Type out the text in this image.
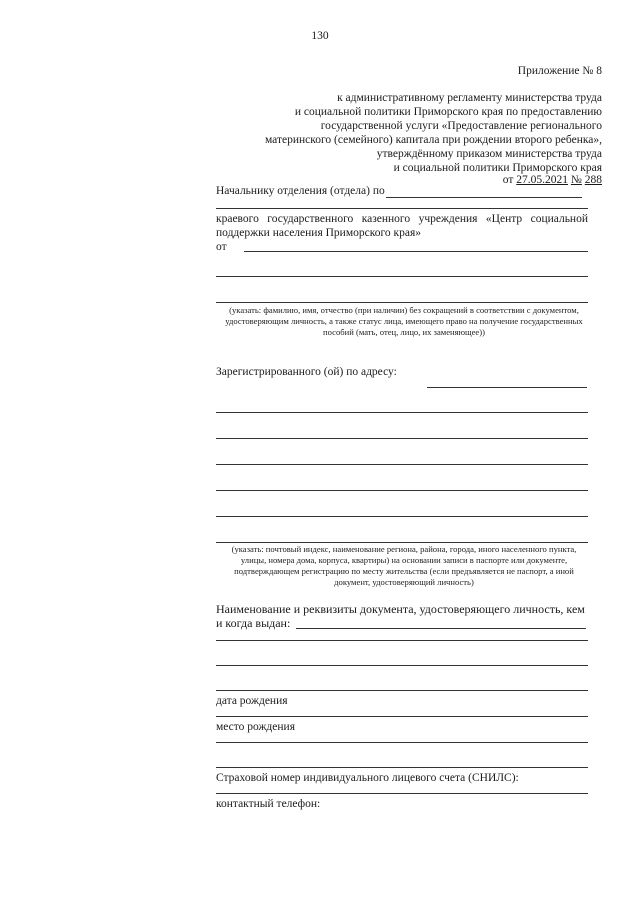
130
Приложение № 8
к административному регламенту министерства труда
и социальной политики Приморского края по предоставлению
государственной услуги «Предоставление регионального
материнского (семейного) капитала при рождении второго ребенка»,
утверждённому приказом министерства труда
и социальной политики Приморского края
от 27.05.2021 № 288
Начальнику отделения (отдела) по
краевого государственного казенного учреждения «Центр социальной
поддержки населения Приморского края»
от
(указать: фамилию, имя, отчество (при наличии) без сокращений в соответствии с документом, удостоверяющим личность, а также статус лица, имеющего право на получение государственных пособий (мать, отец, лицо, их заменяющее))
Зарегистрированного (ой) по адресу:
(указать: почтовый индекс, наименование региона, района, города, иного населенного пункта, улицы, номера дома, корпуса, квартиры) на основании записи в паспорте или документе, подтверждающем регистрацию по месту жительства (если предъявляется не паспорт, а иной документ, удостоверяющий личность)
Наименование и реквизиты документа, удостоверяющего личность, кем
и когда выдан:
дата рождения
место рождения
Страховой номер индивидуального лицевого счета (СНИЛС):
контактный телефон:
